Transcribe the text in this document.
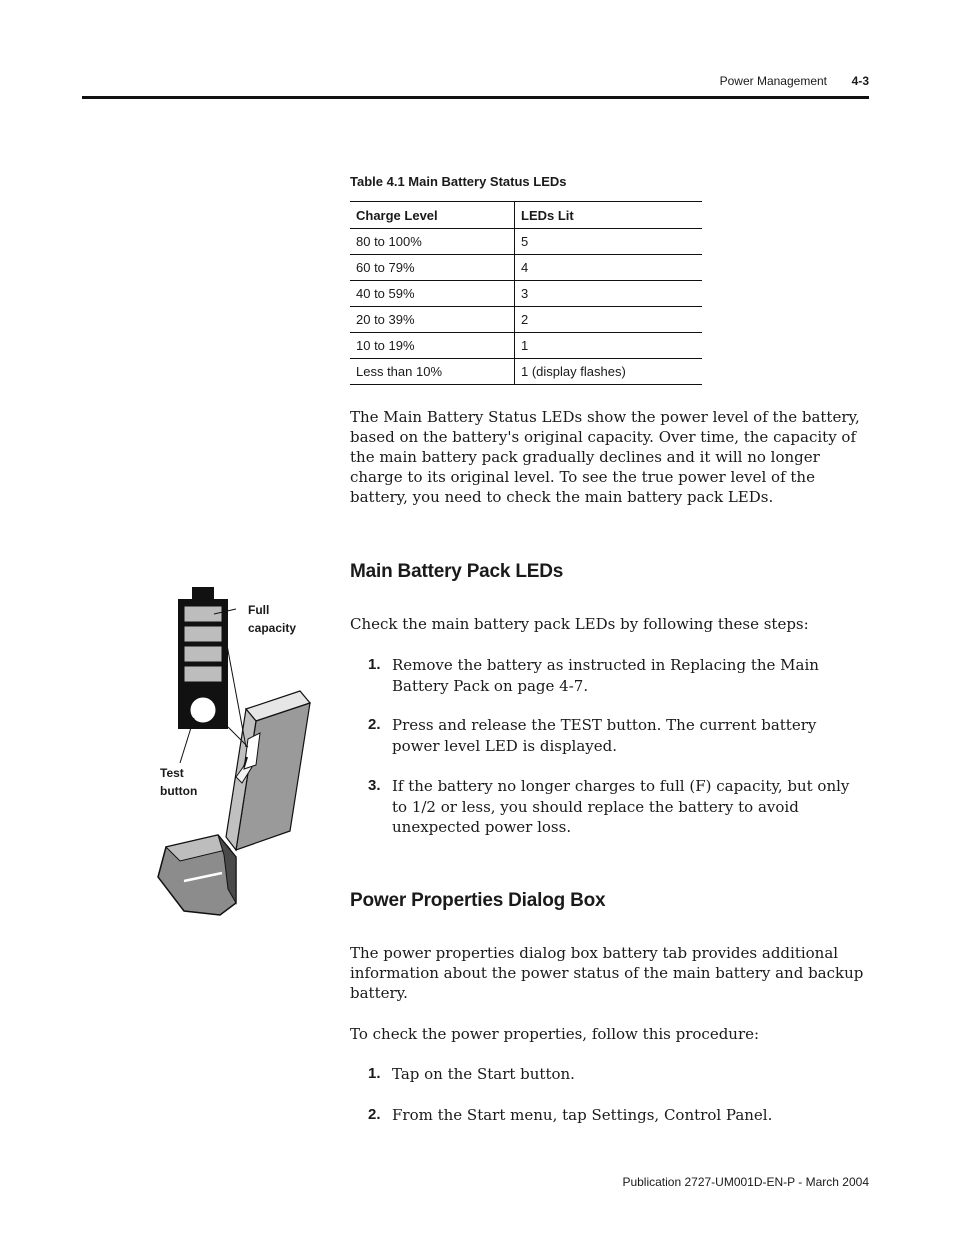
Power Management 4-3
Table 4.1 Main Battery Status LEDs
Charge Level	LEDs Lit
80 to 100%	5
60 to 79%	4
40 to 59%	3
20 to 39%	2
10 to 19%	1
Less than 10%	1 (display flashes)
The Main Battery Status LEDs show the power level of the battery, based on the battery's original capacity. Over time, the capacity of the main battery pack gradually declines and it will no longer charge to its original level. To see the true power level of the battery, you need to check the main battery pack LEDs.
Main Battery Pack LEDs
Check the main battery pack LEDs by following these steps:
1. Remove the battery as instructed in Replacing the Main Battery Pack on page 4-7.
2. Press and release the TEST button. The current battery power level LED is displayed.
3. If the battery no longer charges to full (F) capacity, but only to 1/2 or less, you should replace the battery to avoid unexpected power loss.
Full
capacity
Test
button
Power Properties Dialog Box
The power properties dialog box battery tab provides additional information about the power status of the main battery and backup battery.
To check the power properties, follow this procedure:
1. Tap on the Start button.
2. From the Start menu, tap Settings, Control Panel.
Publication 2727-UM001D-EN-P - March 2004
